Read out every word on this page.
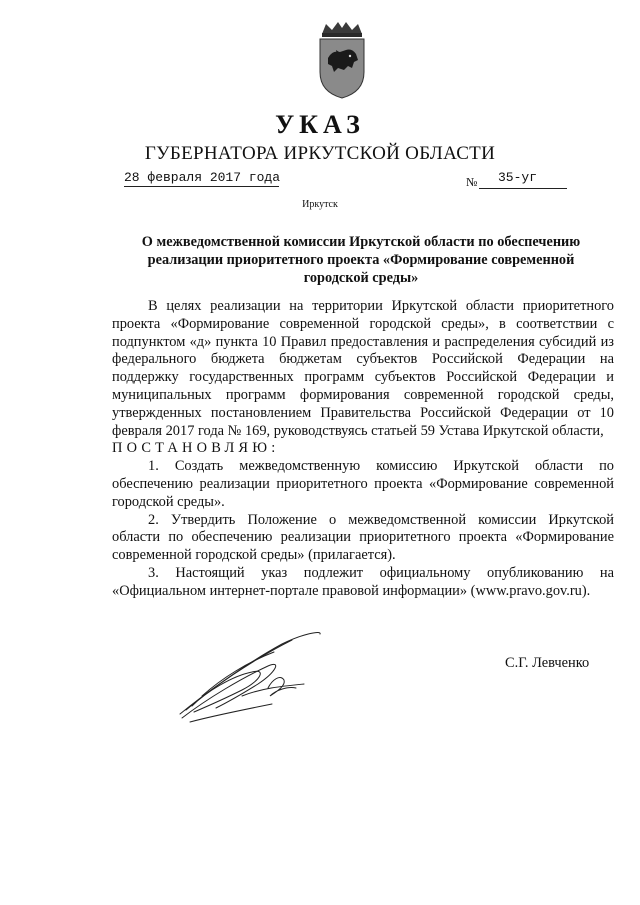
УКАЗ
ГУБЕРНАТОРА ИРКУТСКОЙ ОБЛАСТИ
28 февраля 2017 года	№ 35-уг
Иркутск
О межведомственной комиссии Иркутской области по обеспечению реализации приоритетного проекта «Формирование современной городской среды»

В целях реализации на территории Иркутской области приоритетного проекта «Формирование современной городской среды», в соответствии с подпунктом «д» пункта 10 Правил предоставления и распределения субсидий из федерального бюджета бюджетам субъектов Российской Федерации на поддержку государственных программ субъектов Российской Федерации и муниципальных программ формирования современной городской среды, утвержденных постановлением Правительства Российской Федерации от 10 февраля 2017 года № 169, руководствуясь статьей 59 Устава Иркутской области,

ПОСТАНОВЛЯЮ:

1. Создать межведомственную комиссию Иркутской области по обеспечению реализации приоритетного проекта «Формирование современной городской среды».

2. Утвердить Положение о межведомственной комиссии Иркутской области по обеспечению реализации приоритетного проекта «Формирование современной городской среды» (прилагается).

3. Настоящий указ подлежит официальному опубликованию на «Официальном интернет-портале правовой информации» (www.pravo.gov.ru).

С.Г. Левченко
